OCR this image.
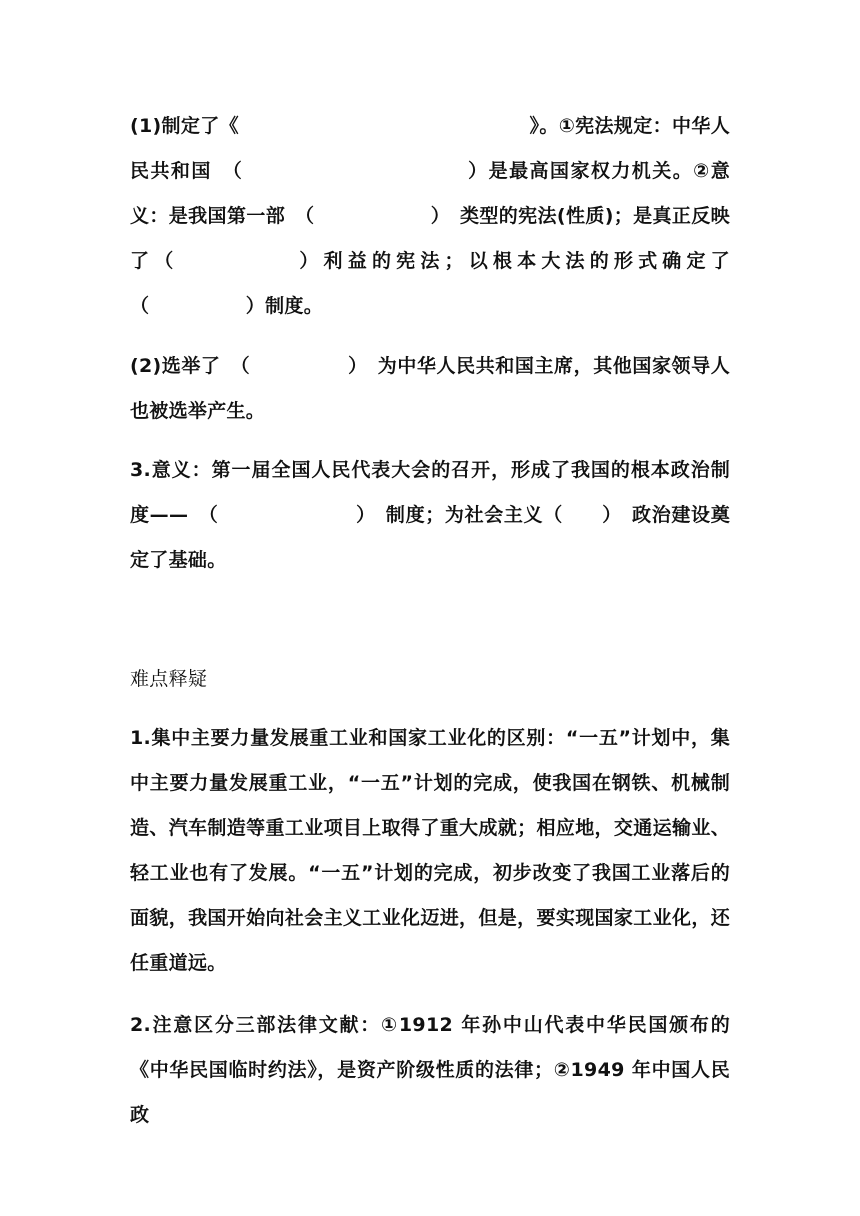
(1)制定了《　　　　　　　　　　　　　　　》。①宪法规定：中华人民共和国　（　　　　　　　　　　　）是最高国家权力机关。②意义：是我国第一部　（　　　　　　）　类型的宪法(性质)；是真正反映了（　　　　　）利益的宪法；以根本大法的形式确定了（　　　　　）制度。
(2)选举了　（　　　　　）　为中华人民共和国主席，其他国家领导人也被选举产生。
3.意义：第一届全国人民代表大会的召开，形成了我国的根本政治制度——　（　　　　　　　）　制度；为社会主义（　　）　政治建设奠定了基础。
难点释疑
1.集中主要力量发展重工业和国家工业化的区别：“一五”计划中，集中主要力量发展重工业，“一五”计划的完成，使我国在钢铁、机械制造、汽车制造等重工业项目上取得了重大成就；相应地，交通运输业、轻工业也有了发展。“一五”计划的完成，初步改变了我国工业落后的面貌，我国开始向社会主义工业化迈进，但是，要实现国家工业化，还任重道远。
2.注意区分三部法律文献：①1912 年孙中山代表中华民国颁布的《中华民国临时约法》，是资产阶级性质的法律；②1949 年中国人民政
